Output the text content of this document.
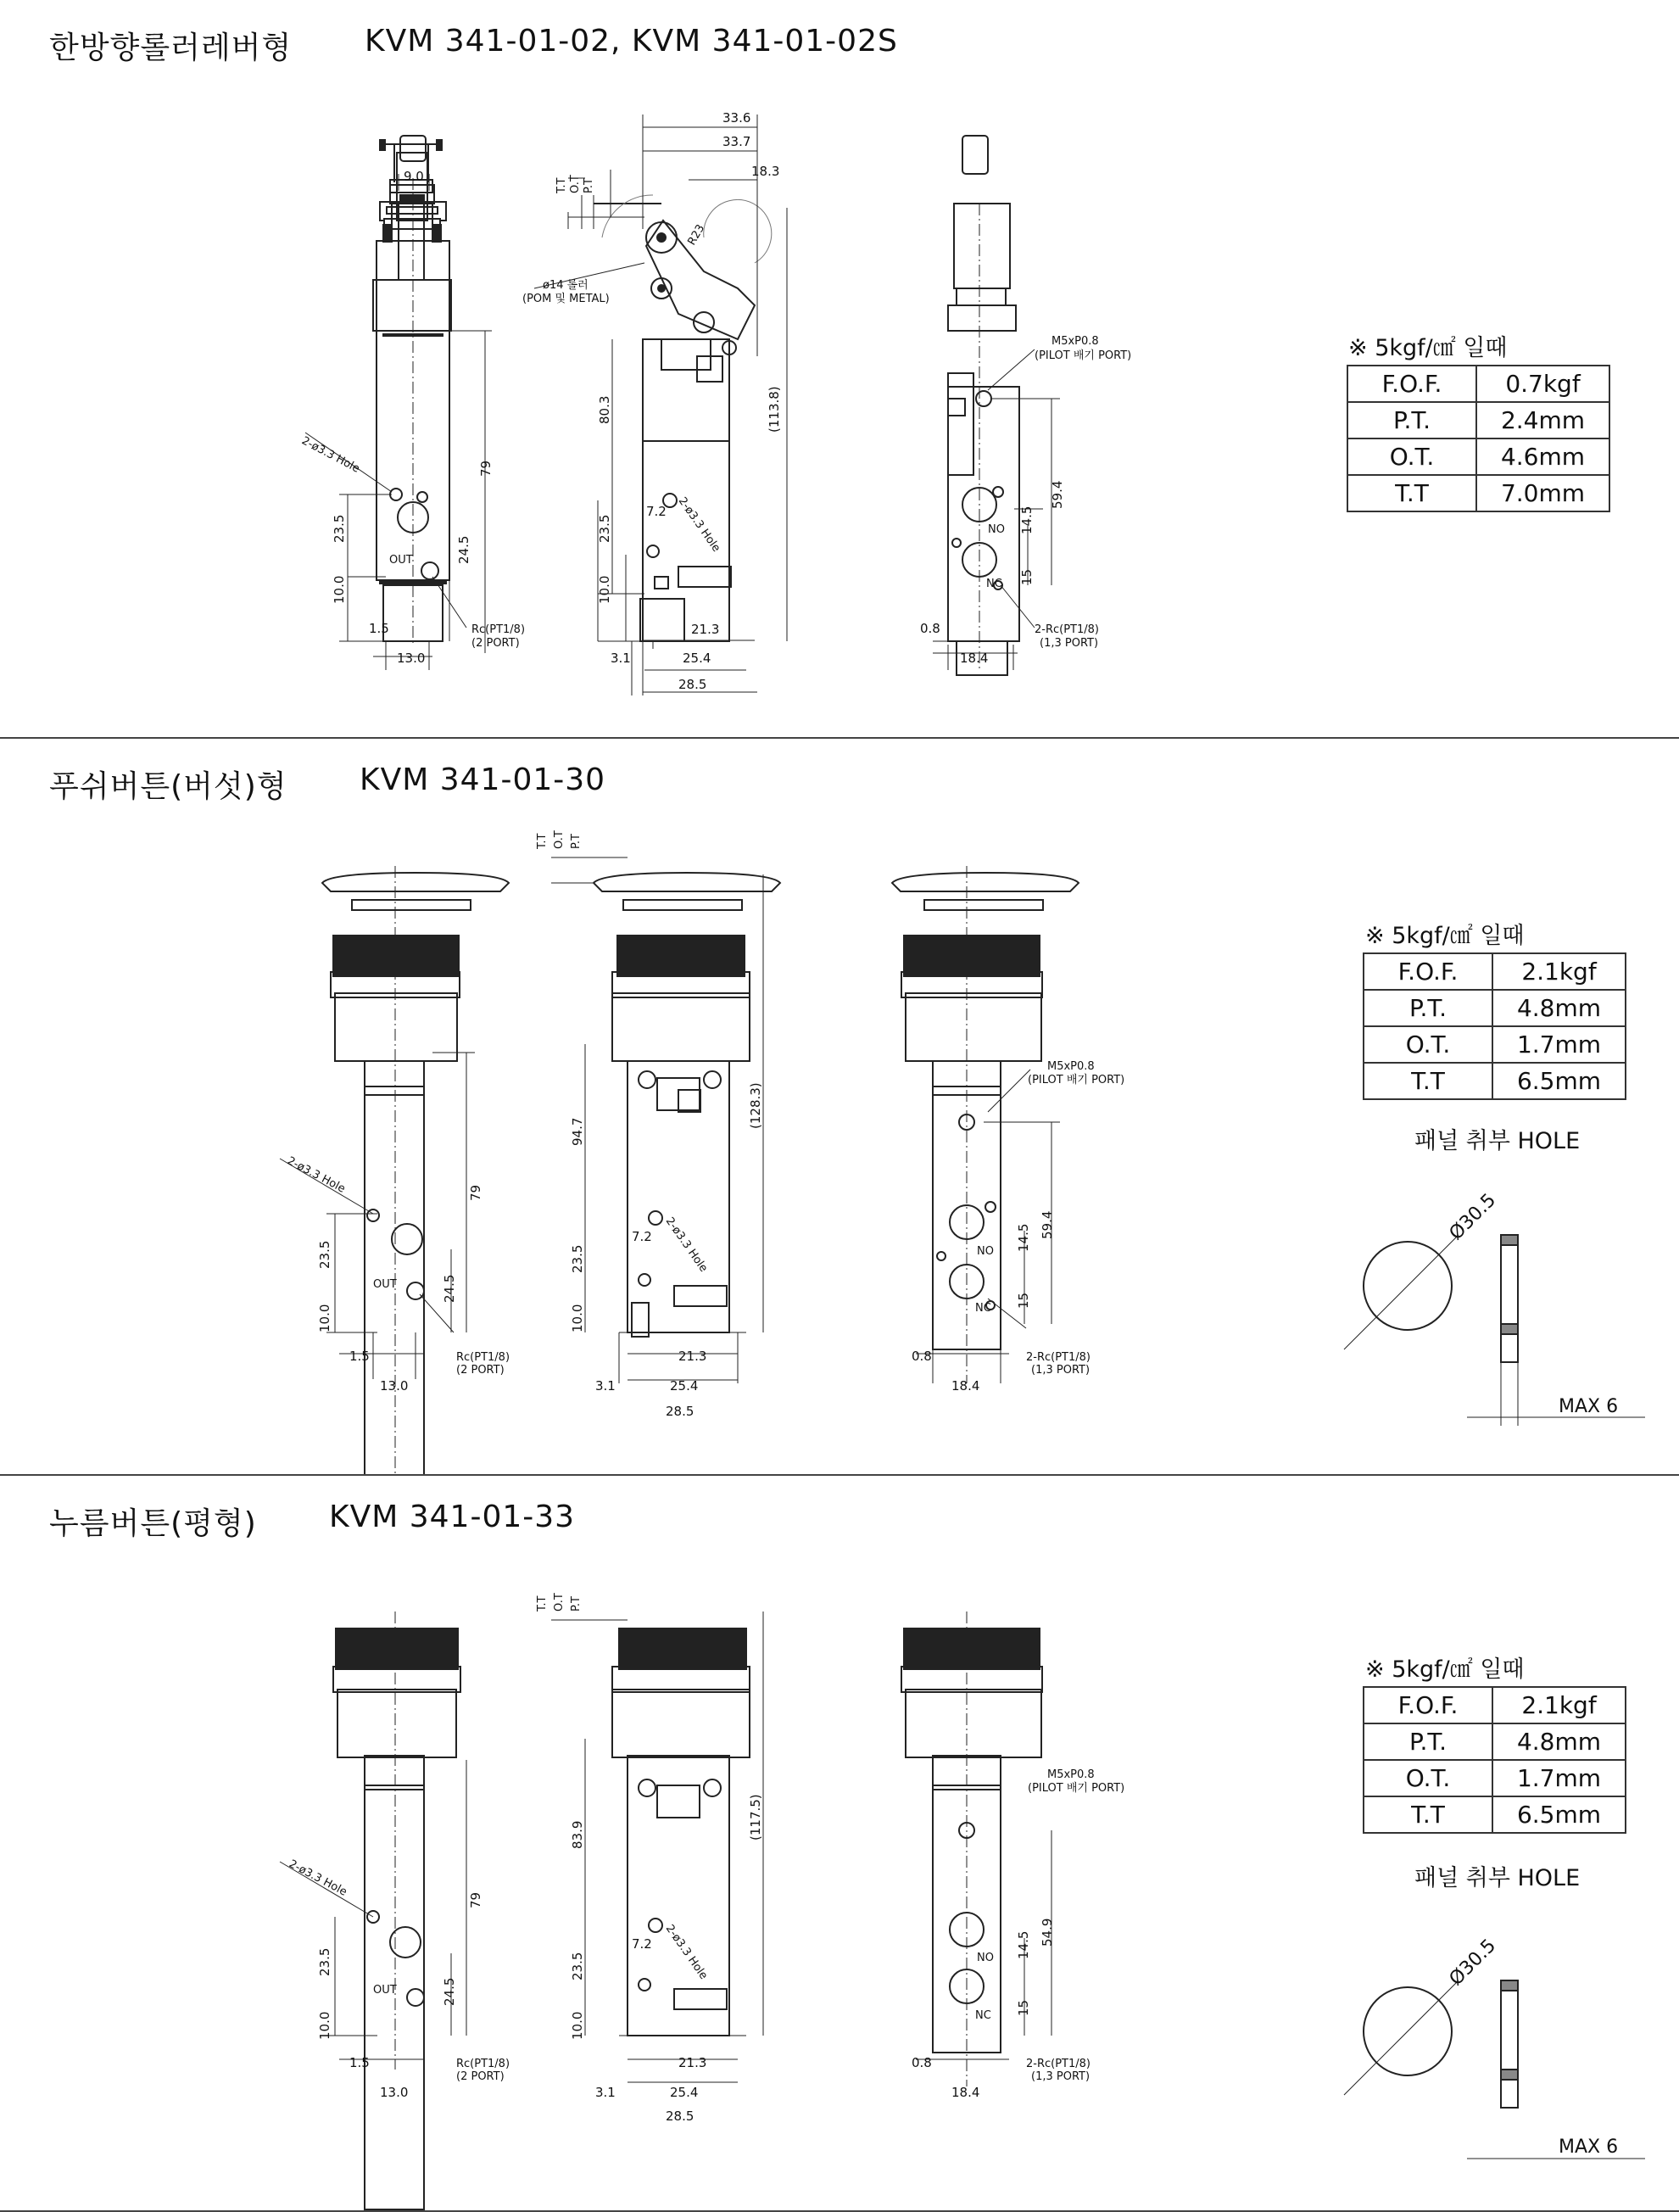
한방향롤러레버형 KVM 341-01-02, KVM 341-01-02S
9.0
2-ø3.3 Hole	79
23.5
10.0
24.5
OUT
Rc(PT1/8)
(2 PORT)
1.5
13.0
33.6
33.7
18.3
R23
T.T O.T P.T
ø14 롤러
(POM 및 METAL)
80.3	(113.8)
23.5
10.0
7.2 2-ø3.3 Hole
21.3
3.1	25.4
28.5
M5xP0.8
(PILOT 배기 PORT)
59.4
14.5
15
NO
NC
2-Rc(PT1/8)
(1,3 PORT)
0.8
18.4
※ 5kgf/㎠ 일때
F.O.F.	0.7kgf
P.T.	2.4mm
O.T.	4.6mm
T.T	7.0mm
푸쉬버튼(버섯)형 KVM 341-01-30
2-ø3.3 Hole	79
23.5
10.0
24.5
OUT
Rc(PT1/8)
(2 PORT)
1.5
13.0
T.T O.T P.T
94.7
(128.3)
23.5
10.0
7.2 2-ø3.3 Hole
21.3
3.1	25.4
28.5
M5xP0.8
(PILOT 배기 PORT)
59.4
14.5
15
NO
NC
2-Rc(PT1/8)
(1,3 PORT)
0.8
18.4
Ø30.5
MAX 6
※ 5kgf/㎠ 일때
F.O.F.	2.1kgf
P.T.	4.8mm
O.T.	1.7mm
T.T	6.5mm
패널 취부 HOLE
누름버튼(평형) KVM 341-01-33
2-ø3.3 Hole
79
23.5
10.0
24.5
OUT
Rc(PT1/8)
(2 PORT)
1.5
13.0
T.T O.T P.T
83.9	(117.5)
23.5
10.0
7.2 2-ø3.3 Hole
21.3
3.1	25.4
28.5
M5xP0.8
(PILOT 배기 PORT)
54.9
14.5
15
NO
NC
2-Rc(PT1/8)
(1,3 PORT)
0.8
18.4
Ø30.5
MAX 6
※ 5kgf/㎠ 일때
F.O.F.	2.1kgf
P.T.	4.8mm
O.T.	1.7mm
T.T	6.5mm
패널 취부 HOLE
